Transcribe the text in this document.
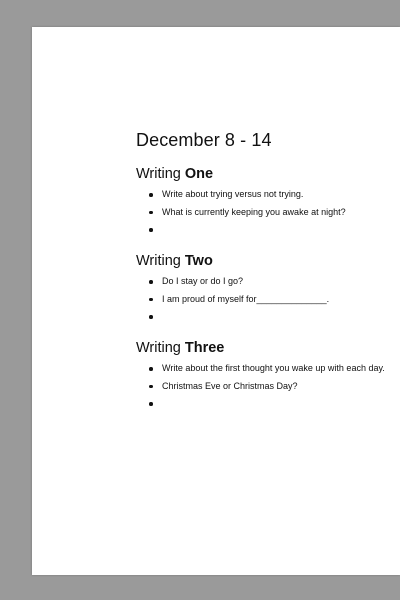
December 8 - 14
Writing One
Write about trying versus not trying.
What is currently keeping you awake at night?
Writing Two
Do I stay or do I go?
I am proud of myself for______________.
Writing Three
Write about the first thought you wake up with each day.
Christmas Eve or Christmas Day?
